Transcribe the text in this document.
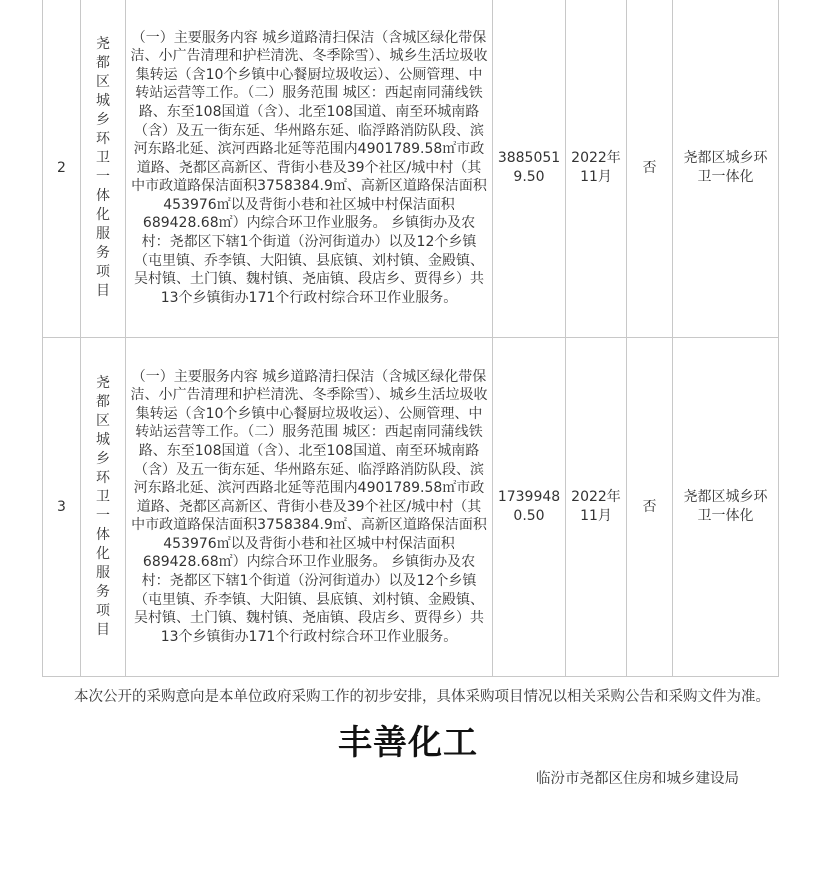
2	尧都区城乡环卫一体化服务项目	（一）主要服务内容 城乡道路清扫保洁（含城区绿化带保洁、小广告清理和护栏清洗、冬季除雪）、城乡生活垃圾收集转运（含10个乡镇中心餐厨垃圾收运）、公厕管理、中转站运营等工作。（二）服务范围 城区：西起南同蒲线铁路、东至108国道（含）、北至108国道、南至环城南路（含）及五一街东延、华州路东延、临浮路消防队段、滨河东路北延、滨河西路北延等范围内4901789.58㎡市政道路、尧都区高新区、背街小巷及39个社区/城中村（其中市政道路保洁面积3758384.9㎡、高新区道路保洁面积453976㎡以及背街小巷和社区城中村保洁面积689428.68㎡）内综合环卫作业服务。 乡镇街办及农村：尧都区下辖1个街道（汾河街道办）以及12个乡镇（屯里镇、乔李镇、大阳镇、县底镇、刘村镇、金殿镇、吴村镇、土门镇、魏村镇、尧庙镇、段店乡、贾得乡）共13个乡镇街办171个行政村综合环卫作业服务。	38850519.50	2022年11月	否	尧都区城乡环卫一体化
3	尧都区城乡环卫一体化服务项目	（一）主要服务内容 城乡道路清扫保洁（含城区绿化带保洁、小广告清理和护栏清洗、冬季除雪）、城乡生活垃圾收集转运（含10个乡镇中心餐厨垃圾收运）、公厕管理、中转站运营等工作。（二）服务范围 城区：西起南同蒲线铁路、东至108国道（含）、北至108国道、南至环城南路（含）及五一街东延、华州路东延、临浮路消防队段、滨河东路北延、滨河西路北延等范围内4901789.58㎡市政道路、尧都区高新区、背街小巷及39个社区/城中村（其中市政道路保洁面积3758384.9㎡、高新区道路保洁面积453976㎡以及背街小巷和社区城中村保洁面积689428.68㎡）内综合环卫作业服务。 乡镇街办及农村：尧都区下辖1个街道（汾河街道办）以及12个乡镇（屯里镇、乔李镇、大阳镇、县底镇、刘村镇、金殿镇、吴村镇、土门镇、魏村镇、尧庙镇、段店乡、贾得乡）共13个乡镇街办171个行政村综合环卫作业服务。	17399480.50	2022年11月	否	尧都区城乡环卫一体化
本次公开的采购意向是本单位政府采购工作的初步安排，具体采购项目情况以相关采购公告和采购文件为准。
丰善化工
临汾市尧都区住房和城乡建设局
